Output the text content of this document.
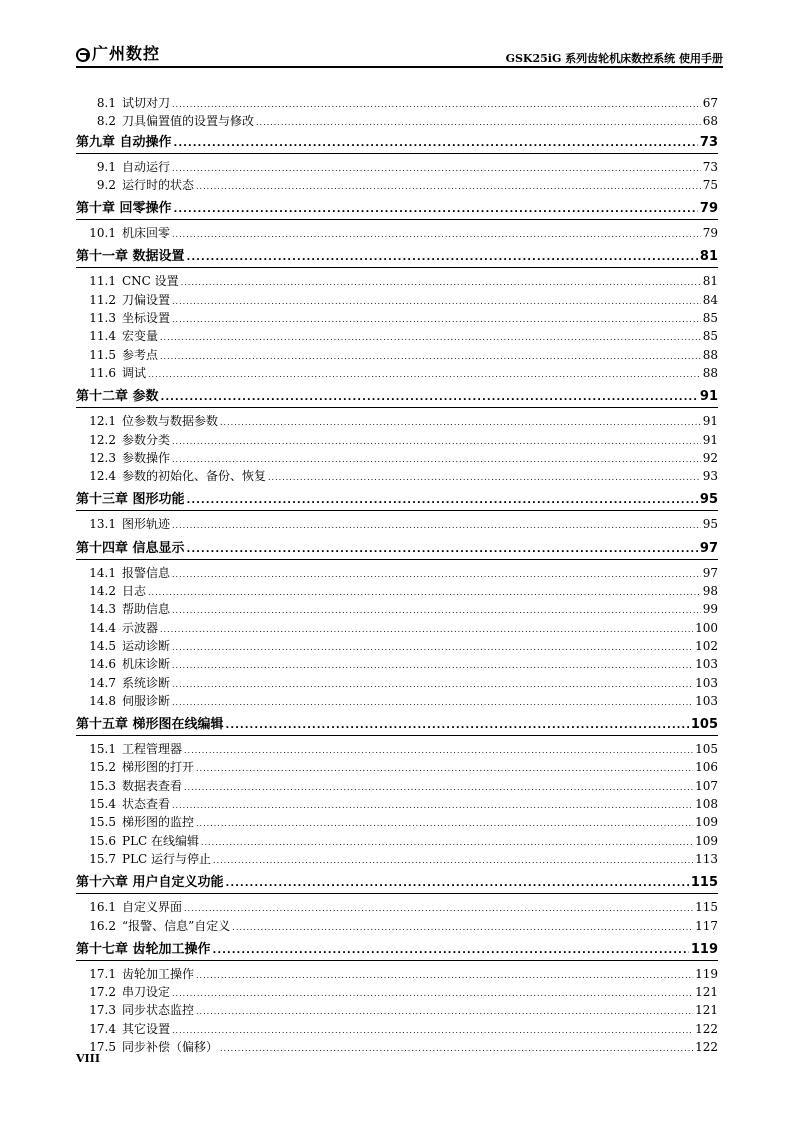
广州数控	GSK25iG 系列齿轮机床数控系统 使用手册
8.1 试切对刀 .....	67
8.2 刀具偏置值的设置与修改 .....	68
第九章 自动操作 .....	73
9.1 自动运行 .....	73
9.2 运行时的状态 .....	75
第十章 回零操作 .....	79
10.1 机床回零 .....	79
第十一章 数据设置 .....	81
11.1 CNC 设置 .....	81
11.2 刀偏设置 .....	84
11.3 坐标设置 .....	85
11.4 宏变量 .....	85
11.5 参考点 .....	88
11.6 调试 .....	88
第十二章 参数 .....	91
12.1 位参数与数据参数 .....	91
12.2 参数分类 .....	91
12.3 参数操作 .....	92
12.4 参数的初始化、备份、恢复 .....	93
第十三章 图形功能 .....	95
13.1 图形轨迹 .....	95
第十四章 信息显示 .....	97
14.1 报警信息 .....	97
14.2 日志 .....	98
14.3 帮助信息 .....	99
14.4 示波器 .....	100
14.5 运动诊断 .....	102
14.6 机床诊断 .....	103
14.7 系统诊断 .....	103
14.8 伺服诊断 .....	103
第十五章 梯形图在线编辑 .....	105
15.1 工程管理器 .....	105
15.2 梯形图的打开 .....	106
15.3 数据表查看 .....	107
15.4 状态查看 .....	108
15.5 梯形图的监控 .....	109
15.6 PLC 在线编辑 .....	109
15.7 PLC 运行与停止 .....	113
第十六章 用户自定义功能 .....	115
16.1 自定义界面 .....	115
16.2 “报警、信息”自定义 .....	117
第十七章 齿轮加工操作 .....	119
17.1 齿轮加工操作 .....	119
17.2 串刀设定 .....	121
17.3 同步状态监控 .....	121
17.4 其它设置 .....	122
17.5 同步补偿（偏移） .....	122
VIII
